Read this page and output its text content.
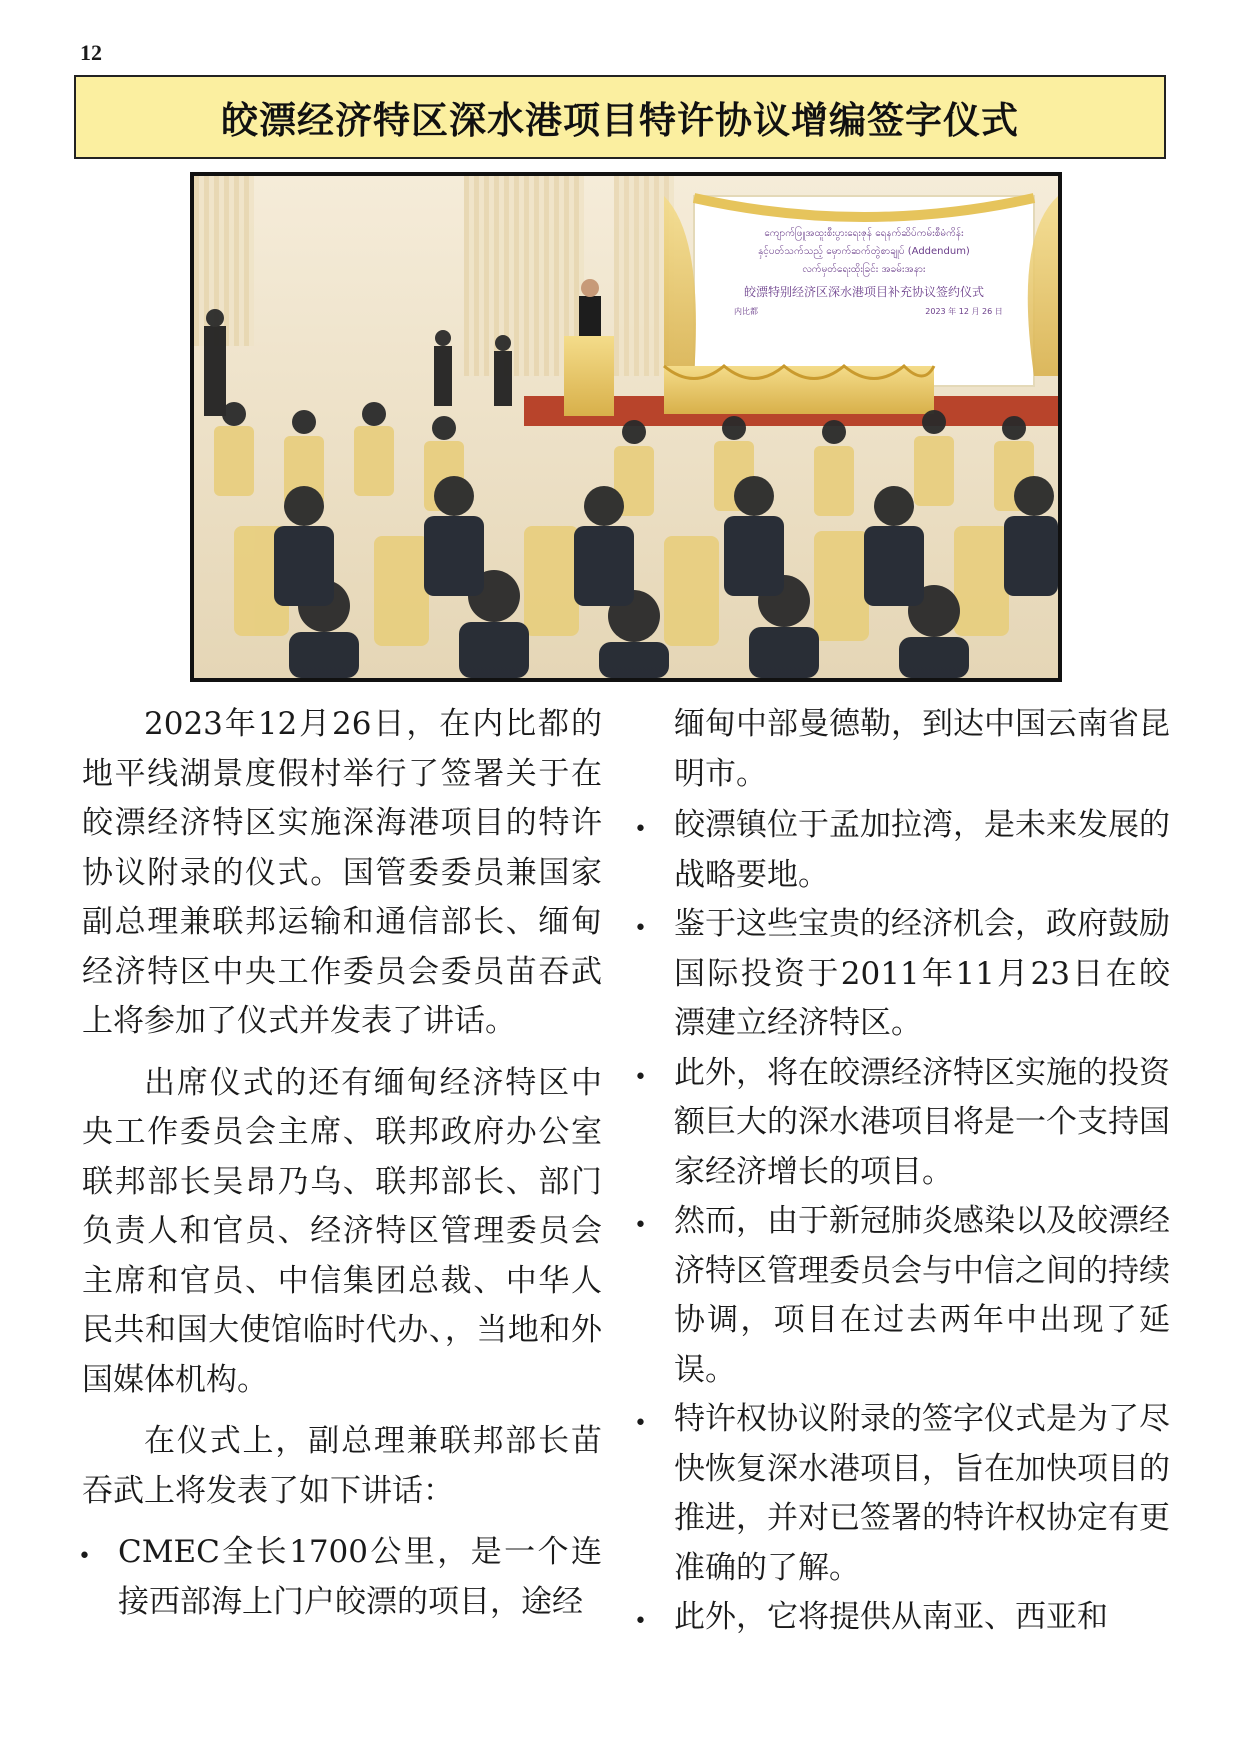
12
皎漂经济特区深水港项目特许协议增编签字仪式
ကျောက်ဖြူအထူးစီးပွားရေးဇုန် ရေနက်ဆိပ်ကမ်းစီမံကိန်း
နှင့်ပတ်သက်သည့် မှောက်ဆက်တွဲစာချုပ် (Addendum)
လက်မှတ်ရေးထိုးခြင်း အခမ်းအနား
皎漂特别经济区深水港项目补充协议签约仪式
内比都	2023 年 12 月 26 日

2023年12月26日，在内比都的地平线湖景度假村举行了签署关于在皎漂经济特区实施深海港项目的特许协议附录的仪式。国管委委员兼国家副总理兼联邦运输和通信部长、缅甸经济特区中央工作委员会委员苗吞武上将参加了仪式并发表了讲话。

出席仪式的还有缅甸经济特区中央工作委员会主席、联邦政府办公室联邦部长吴昂乃乌、联邦部长、部门负责人和官员、经济特区管理委员会主席和官员、中信集团总裁、中华人民共和国大使馆临时代办、，当地和外国媒体机构。

在仪式上，副总理兼联邦部长苗吞武上将发表了如下讲话：

• CMEC全长1700公里，是一个连接西部海上门户皎漂的项目，途经

缅甸中部曼德勒，到达中国云南省昆明市。

• 皎漂镇位于孟加拉湾，是未来发展的战略要地。
• 鉴于这些宝贵的经济机会，政府鼓励国际投资于2011年11月23日在皎漂建立经济特区。
• 此外，将在皎漂经济特区实施的投资额巨大的深水港项目将是一个支持国家经济增长的项目。
• 然而，由于新冠肺炎感染以及皎漂经济特区管理委员会与中信之间的持续协调，项目在过去两年中出现了延误。
• 特许权协议附录的签字仪式是为了尽快恢复深水港项目，旨在加快项目的推进，并对已签署的特许权协定有更准确的了解。
• 此外，它将提供从南亚、西亚和
